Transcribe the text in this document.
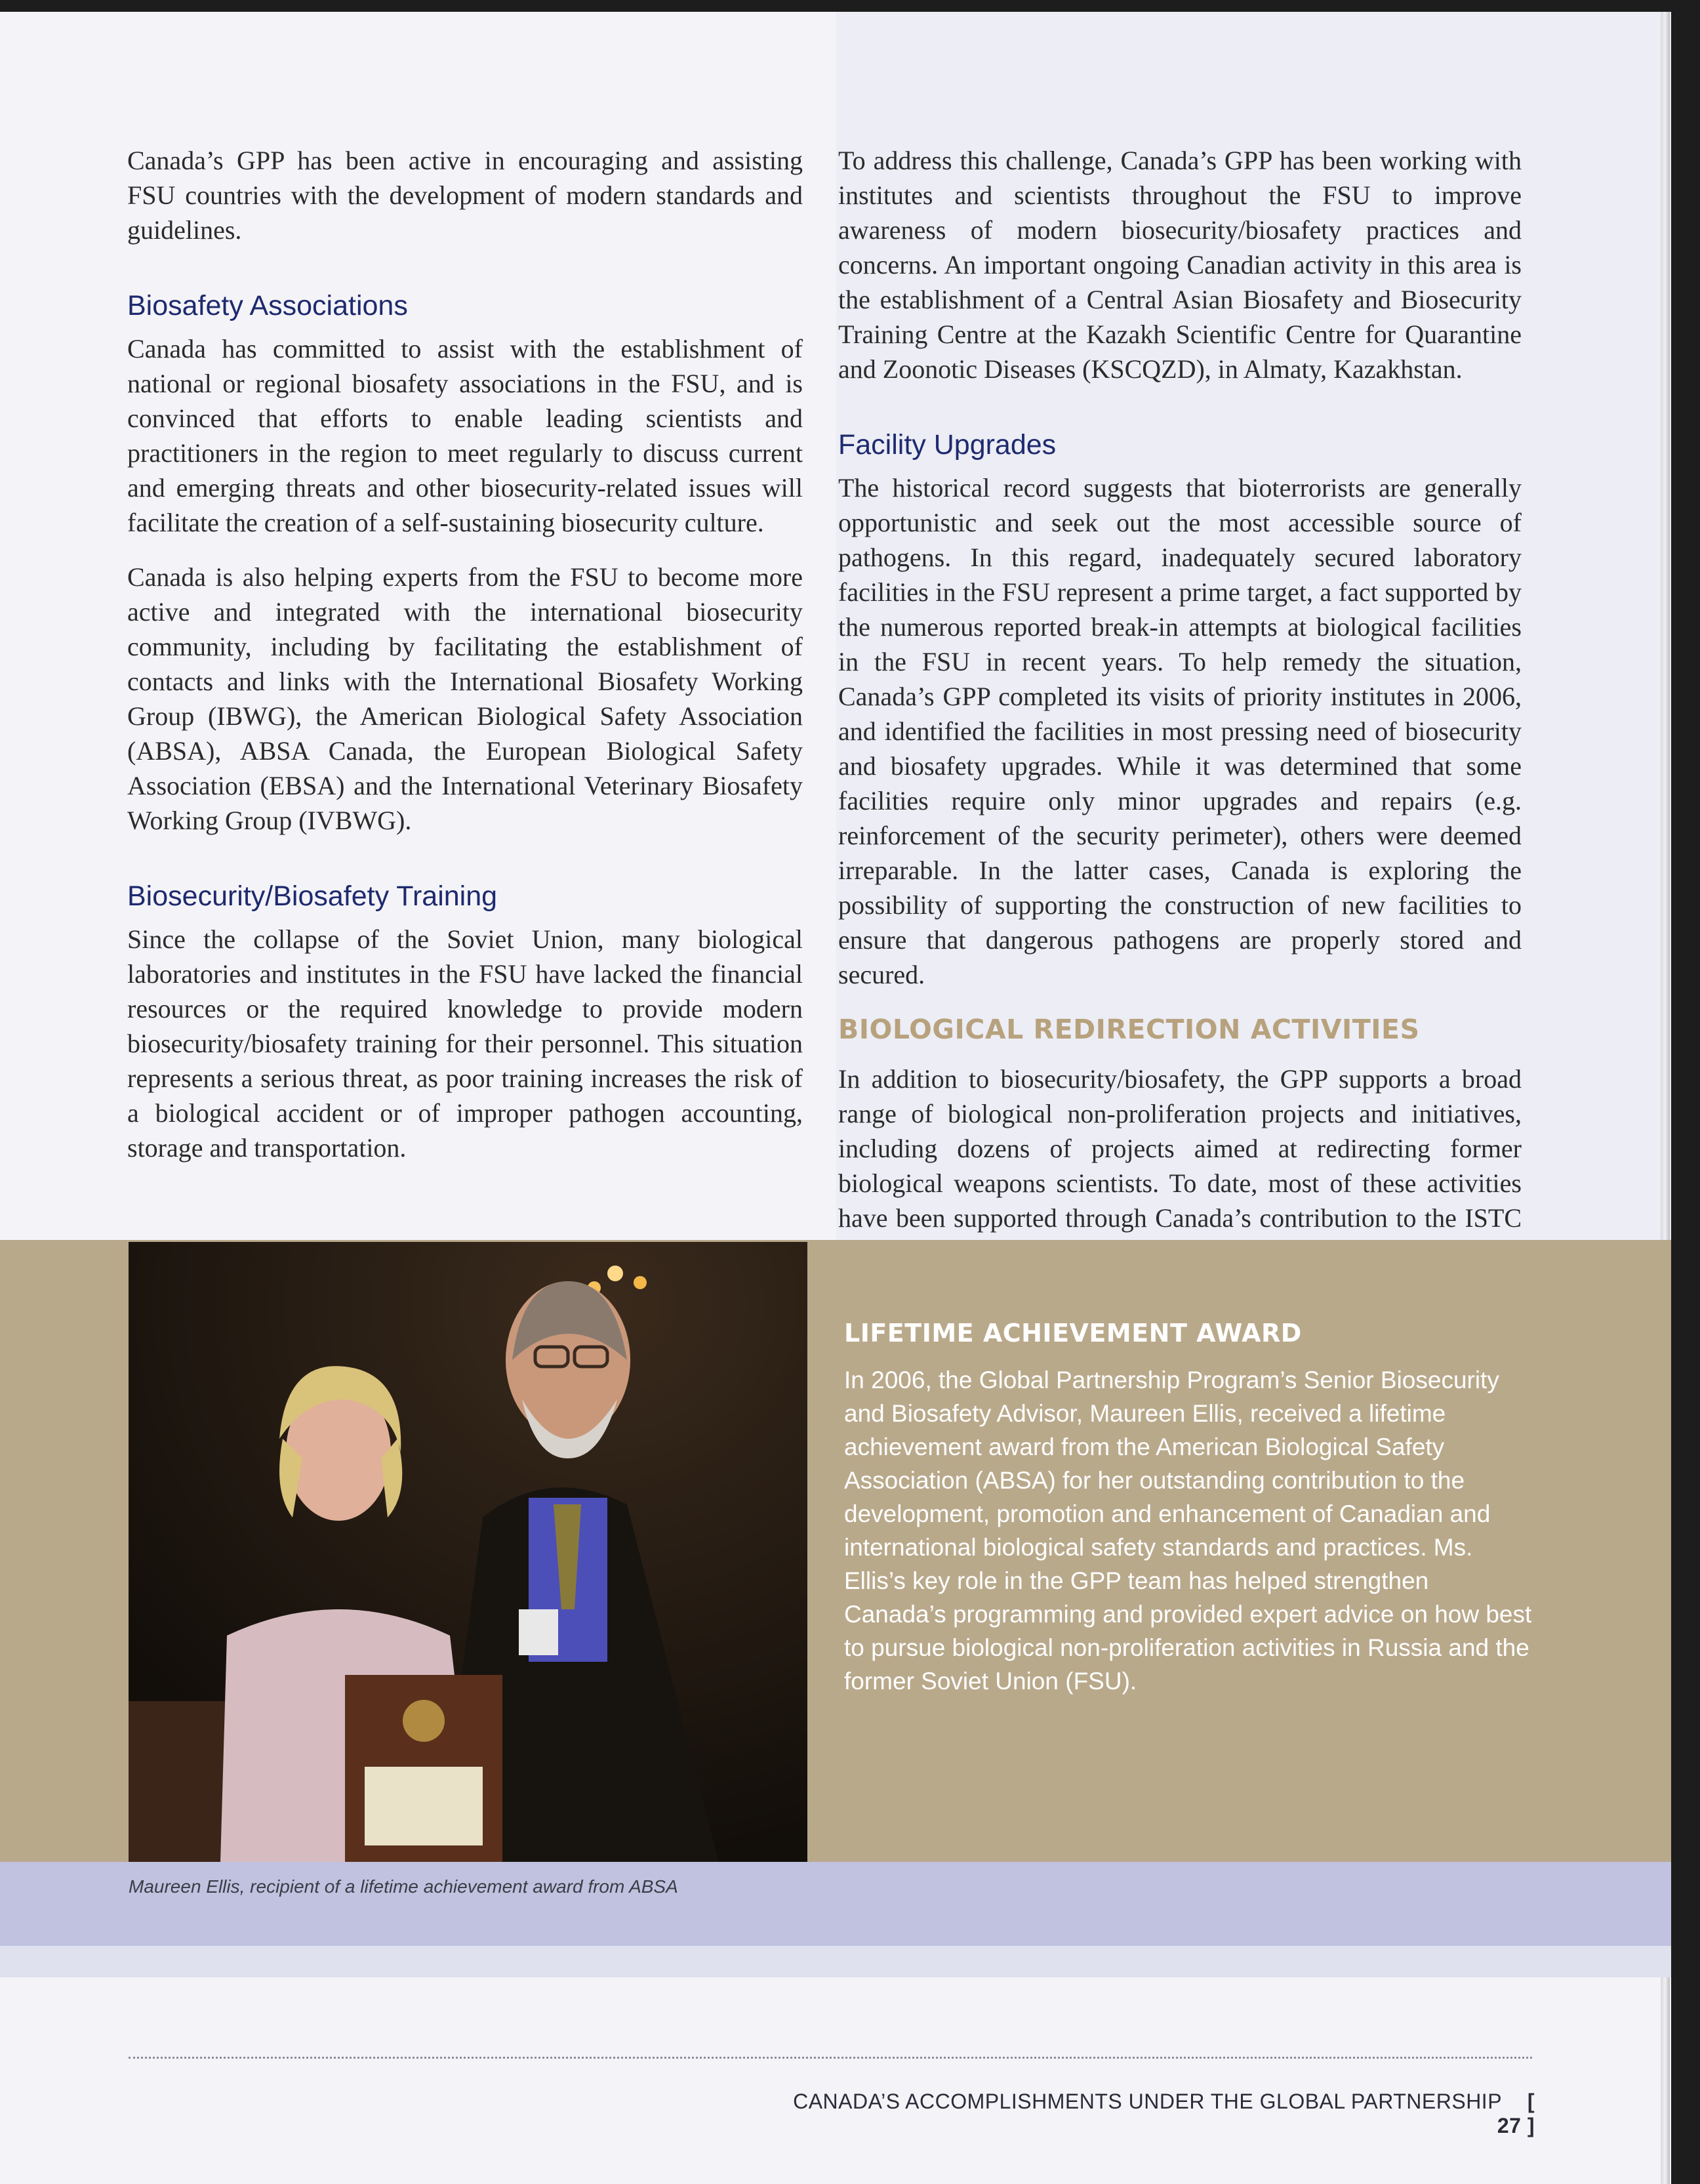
Canada’s GPP has been active in encouraging and assisting FSU countries with the development of modern standards and guidelines.

Biosafety Associations

Canada has committed to assist with the establishment of national or regional biosafety associations in the FSU, and is convinced that efforts to enable leading scientists and practitioners in the region to meet regularly to discuss current and emerging threats and other biosecurity-related issues will facilitate the creation of a self-sustaining biosecurity culture.

Canada is also helping experts from the FSU to become more active and integrated with the international biosecurity community, including by facilitating the establishment of contacts and links with the International Biosafety Working Group (IBWG), the American Biological Safety Association (ABSA), ABSA Canada, the European Biological Safety Association (EBSA) and the International Veterinary Biosafety Working Group (IVBWG).

Biosecurity/Biosafety Training

Since the collapse of the Soviet Union, many biological laboratories and institutes in the FSU have lacked the financial resources or the required knowledge to provide modern biosecurity/biosafety training for their personnel. This situation represents a serious threat, as poor training increases the risk of a biological accident or of improper pathogen accounting, storage and transportation.

To address this challenge, Canada’s GPP has been working with institutes and scientists throughout the FSU to improve awareness of modern biosecurity/biosafety practices and concerns. An important ongoing Canadian activity in this area is the establishment of a Central Asian Biosafety and Biosecurity Training Centre at the Kazakh Scientific Centre for Quarantine and Zoonotic Diseases (KSCQZD), in Almaty, Kazakhstan.

Facility Upgrades

The historical record suggests that bioterrorists are generally opportunistic and seek out the most accessible source of pathogens. In this regard, inadequately secured laboratory facilities in the FSU represent a prime target, a fact supported by the numerous reported break-in attempts at biological facilities in the FSU in recent years. To help remedy the situation, Canada’s GPP completed its visits of priority institutes in 2006, and identified the facilities in most pressing need of biosecurity and biosafety upgrades. While it was determined that some facilities require only minor upgrades and repairs (e.g. reinforcement of the security perimeter), others were deemed irreparable. In the latter cases, Canada is exploring the possibility of supporting the construction of new facilities to ensure that dangerous pathogens are properly stored and secured.

BIOLOGICAL REDIRECTION ACTIVITIES

In addition to biosecurity/biosafety, the GPP supports a broad range of biological non-proliferation projects and initiatives, including dozens of projects aimed at redirecting former biological weapons scientists. To date, most of these activities have been supported through Canada’s contribution to the ISTC

LIFETIME ACHIEVEMENT AWARD

In 2006, the Global Partnership Program’s Senior Biosecurity and Biosafety Advisor, Maureen Ellis, received a lifetime achievement award from the American Biological Safety Association (ABSA) for her outstanding contribution to the development, promotion and enhancement of Canadian and international biological safety standards and practices. Ms. Ellis’s key role in the GPP team has helped strengthen Canada’s programming and provided expert advice on how best to pursue biological non-proliferation activities in Russia and the former Soviet Union (FSU).

Maureen Ellis, recipient of a lifetime achievement award from ABSA
CANADA’S ACCOMPLISHMENTS UNDER THE GLOBAL PARTNERSHIP [ 27 ]
